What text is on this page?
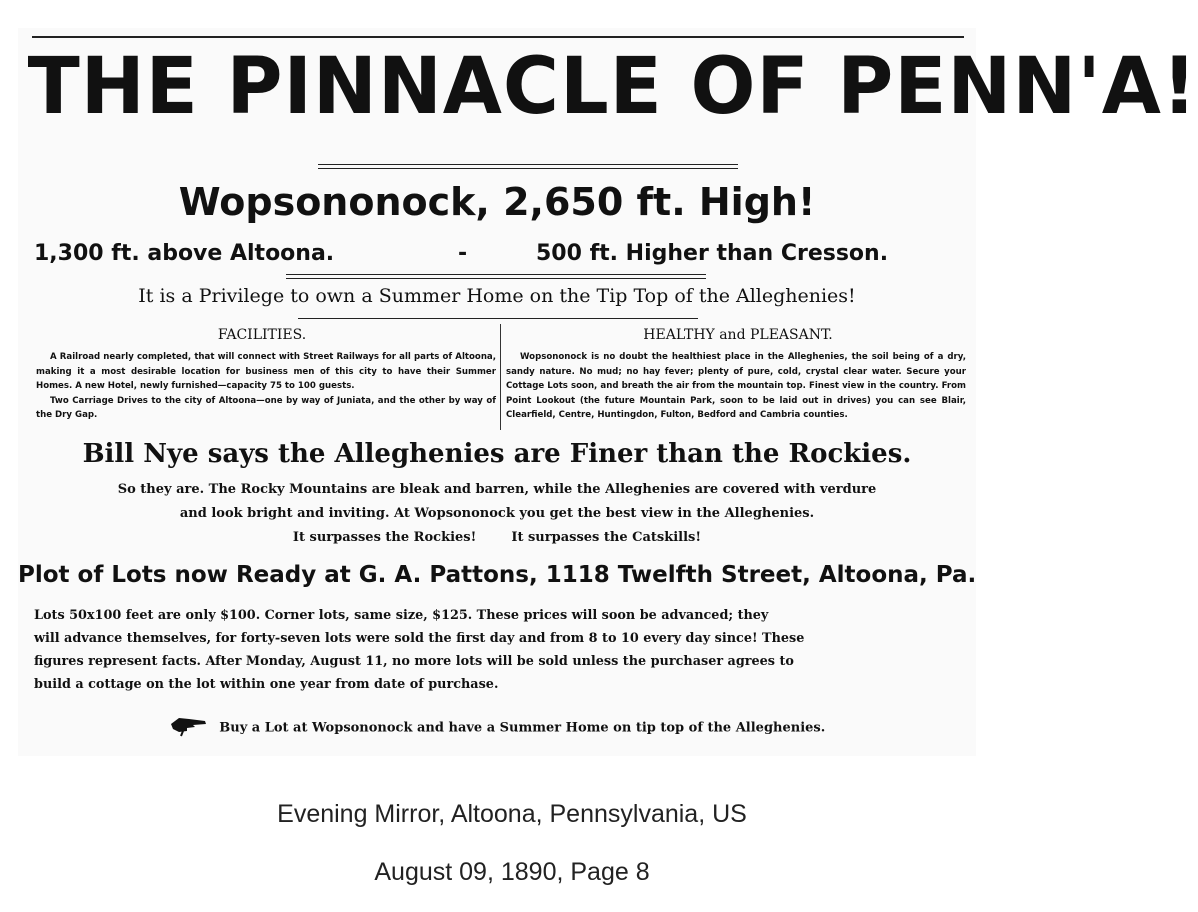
THE PINNACLE OF PENN'A!
Wopsononock, 2,650 ft. High!
1,300 ft. above Altoona.	-	500 ft. Higher than Cresson.
It is a Privilege to own a Summer Home on the Tip Top of the Alleghenies!
FACILITIES.	HEALTHY and PLEASANT.

A Railroad nearly completed, that will connect with Street Railways for all parts of Altoona, making it a most desirable location for business men of this city to have their Summer Homes. A new Hotel, newly furnished—capacity 75 to 100 guests.

Two Carriage Drives to the city of Altoona—one by way of Juniata, and the other by way of the Dry Gap.

Wopsononock is no doubt the healthiest place in the Alleghenies, the soil being of a dry, sandy nature. No mud; no hay fever; plenty of pure, cold, crystal clear water. Secure your Cottage Lots soon, and breath the air from the mountain top. Finest view in the country. From Point Lookout (the future Mountain Park, soon to be laid out in drives) you can see Blair, Clearfield, Centre, Huntingdon, Fulton, Bedford and Cambria counties.

Bill Nye says the Alleghenies are Finer than the Rockies.
So they are. The Rocky Mountains are bleak and barren, while the Alleghenies are covered with verdure
and look bright and inviting. At Wopsononock you get the best view in the Alleghenies.
It surpasses the Rockies!	It surpasses the Catskills!
Plot of Lots now Ready at G. A. Pattons, 1118 Twelfth Street, Altoona, Pa.
Lots 50x100 feet are only $100. Corner lots, same size, $125. These prices will soon be advanced; they
will advance themselves, for forty-seven lots were sold the first day and from 8 to 10 every day since! These
figures represent facts. After Monday, August 11, no more lots will be sold unless the purchaser agrees to
build a cottage on the lot within one year from date of purchase.
Buy a Lot at Wopsononock and have a Summer Home on tip top of the Alleghenies.
Evening Mirror, Altoona, Pennsylvania, US
August 09, 1890, Page 8
